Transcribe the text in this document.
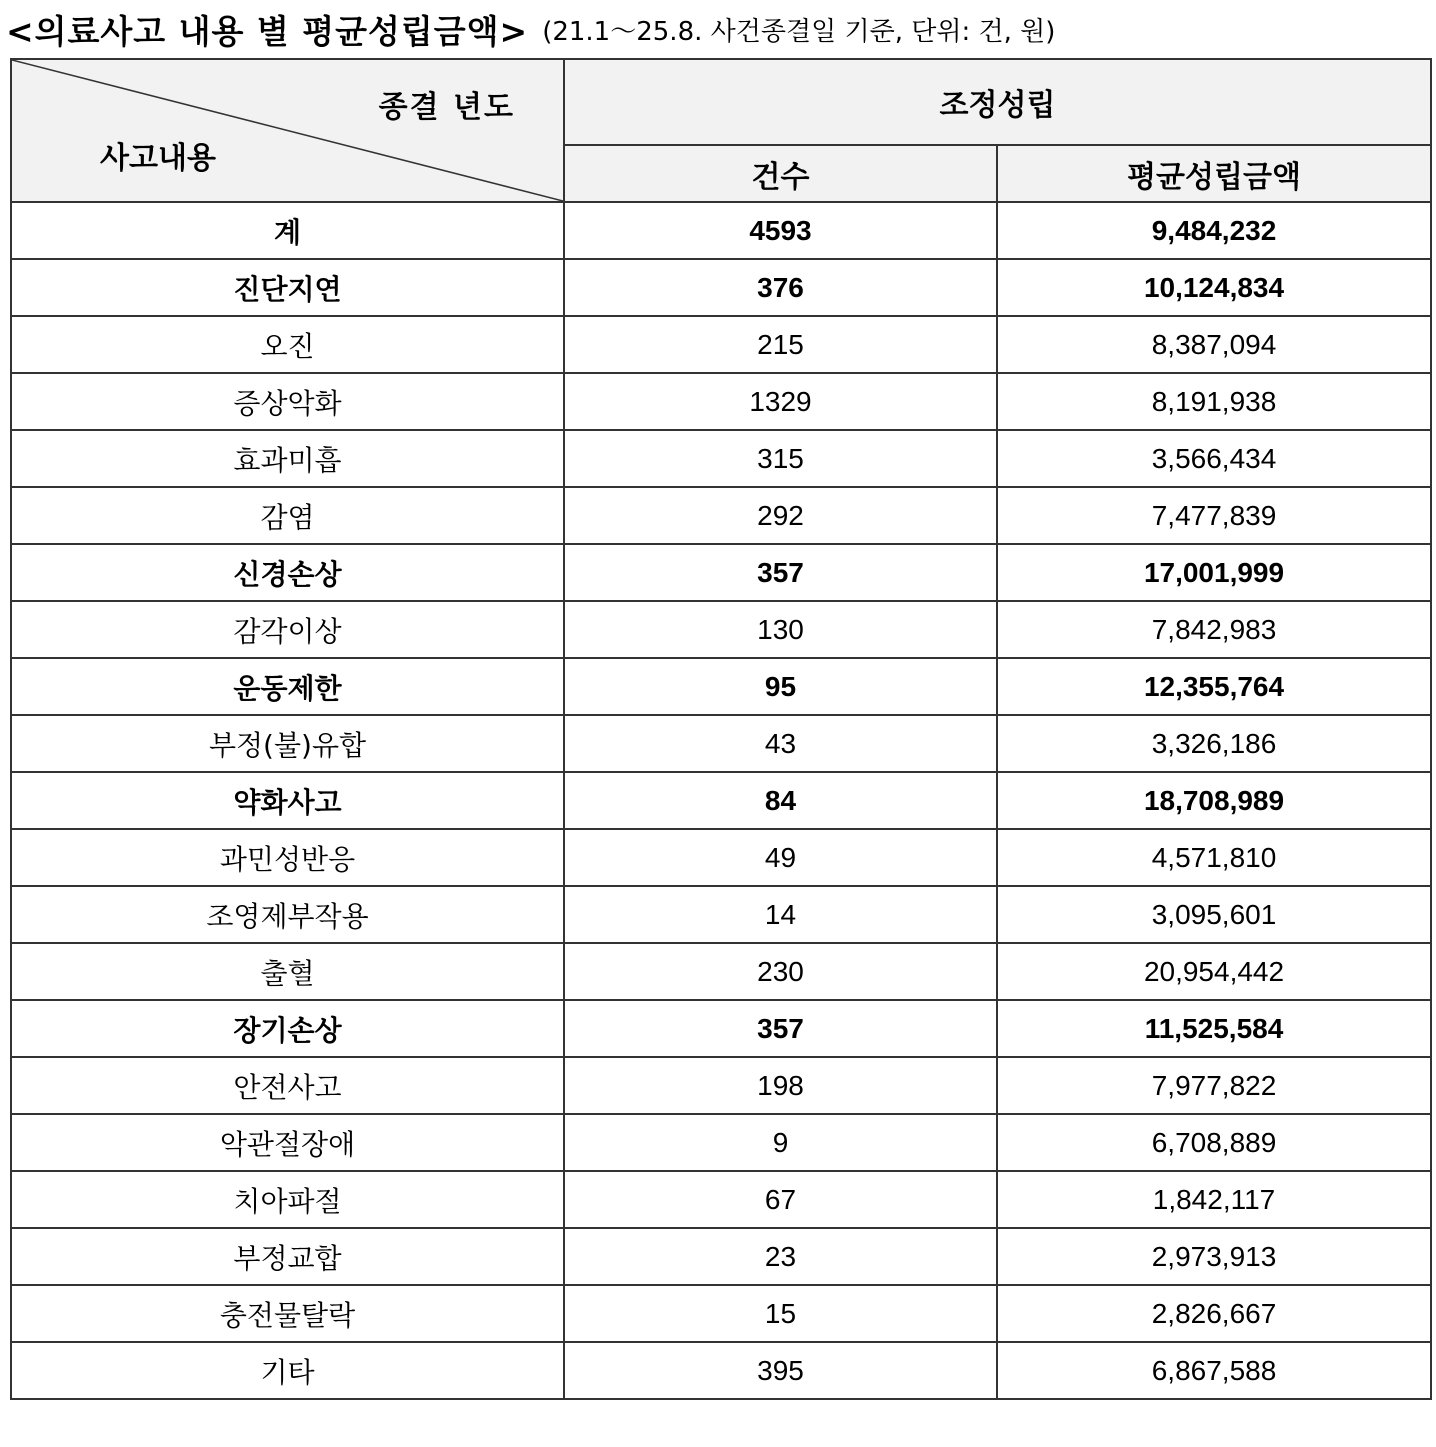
<의료사고 내용 별 평균성립금액> (21.1～25.8. 사건종결일 기준, 단위: 건, 원)
종결 년도
사고내용	조정성립	
	건수	평균성립금액
계	4593	9,484,232
진단지연	376	10,124,834
오진	215	8,387,094
증상악화	1329	8,191,938
효과미흡	315	3,566,434
감염	292	7,477,839
신경손상	357	17,001,999
감각이상	130	7,842,983
운동제한	95	12,355,764
부정(불)유합	43	3,326,186
약화사고	84	18,708,989
과민성반응	49	4,571,810
조영제부작용	14	3,095,601
출혈	230	20,954,442
장기손상	357	11,525,584
안전사고	198	7,977,822
악관절장애	9	6,708,889
치아파절	67	1,842,117
부정교합	23	2,973,913
충전물탈락	15	2,826,667
기타	395	6,867,588
